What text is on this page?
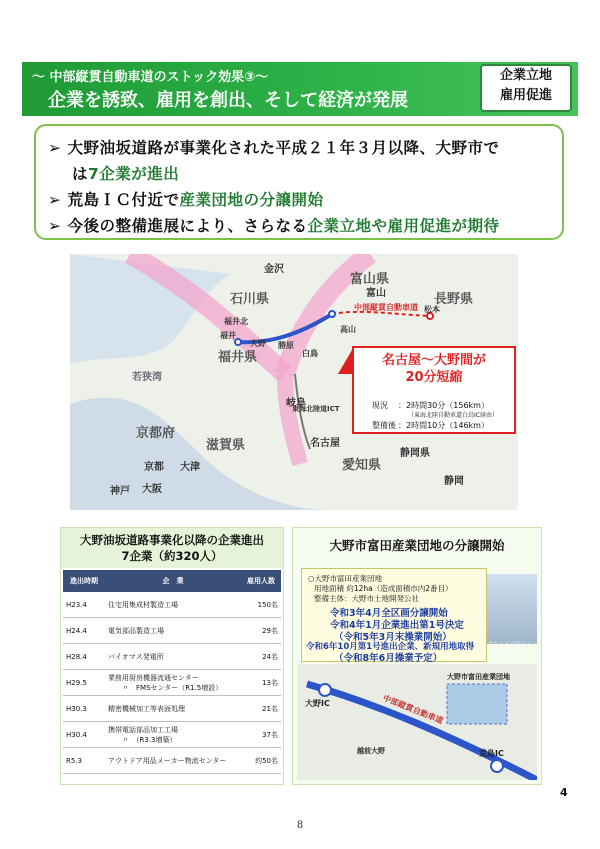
～ 中部縦貫自動車道のストック効果③～
企業を誘致、雇用を創出、そして経済が発展
企業立地
雇用促進
➢ 大野油坂道路が事業化された平成２１年３月以降、大野市で
は7企業が進出
➢ 荒島ＩＣ付近で産業団地の分譲開始
➢ 今後の整備進展により、さらなる企業立地や雇用促進が期待
金沢
富山県
富山
石川県	長野県
中部縦貫自動車道
福井北
福井
大野 勝原
白鳥
高山
松本
福井県
若狭湾
岐阜
京都府
滋賀県
大津
京都
名古屋
愛知県
静岡県
静岡
神戸 大阪
東海北陸道ICT
名古屋～大野間が
20分短縮
現況 ：2時間30分（156km）
（東海北陸自動車道白鳥IC経由）
整備後 ：2時間10分（146km）
大野油坂道路事業化以降の企業進出
7企業（約320人）
進出時期	企　業	雇用人数
H23.4	住宅用集成材製造工場	150名
H24.4	電気部品製造工場	29名
H28.4	バイオマス発電所	24名
H29.5	業務用厨房機器流通センター
〃　FMSセンター（R1.5増設）	13名
H30.3	精密機械加工等表面処理	21名
H30.4	携帯電話部品加工工場
〃　（R3.3増築）	37名
R5.3	アウトドア用品メーカー物流センター	約50名
大野市富田産業団地の分譲開始
○大野市富田産業団地
用地面積 約12ha（造成面積市内2番目）
整備主体：大野市土地開発公社
令和3年4月全区画分譲開始
令和4年1月企業進出第1号決定
（令和5年3月末操業開始）
令和6年10月第1号進出企業、新規用地取得
（令和8年6月操業予定）
アウトドア用品メーカー物流センター
大野IC
荒島IC
中部縦貫自動車道
大野市富田産業団地
越前大野
4
8
